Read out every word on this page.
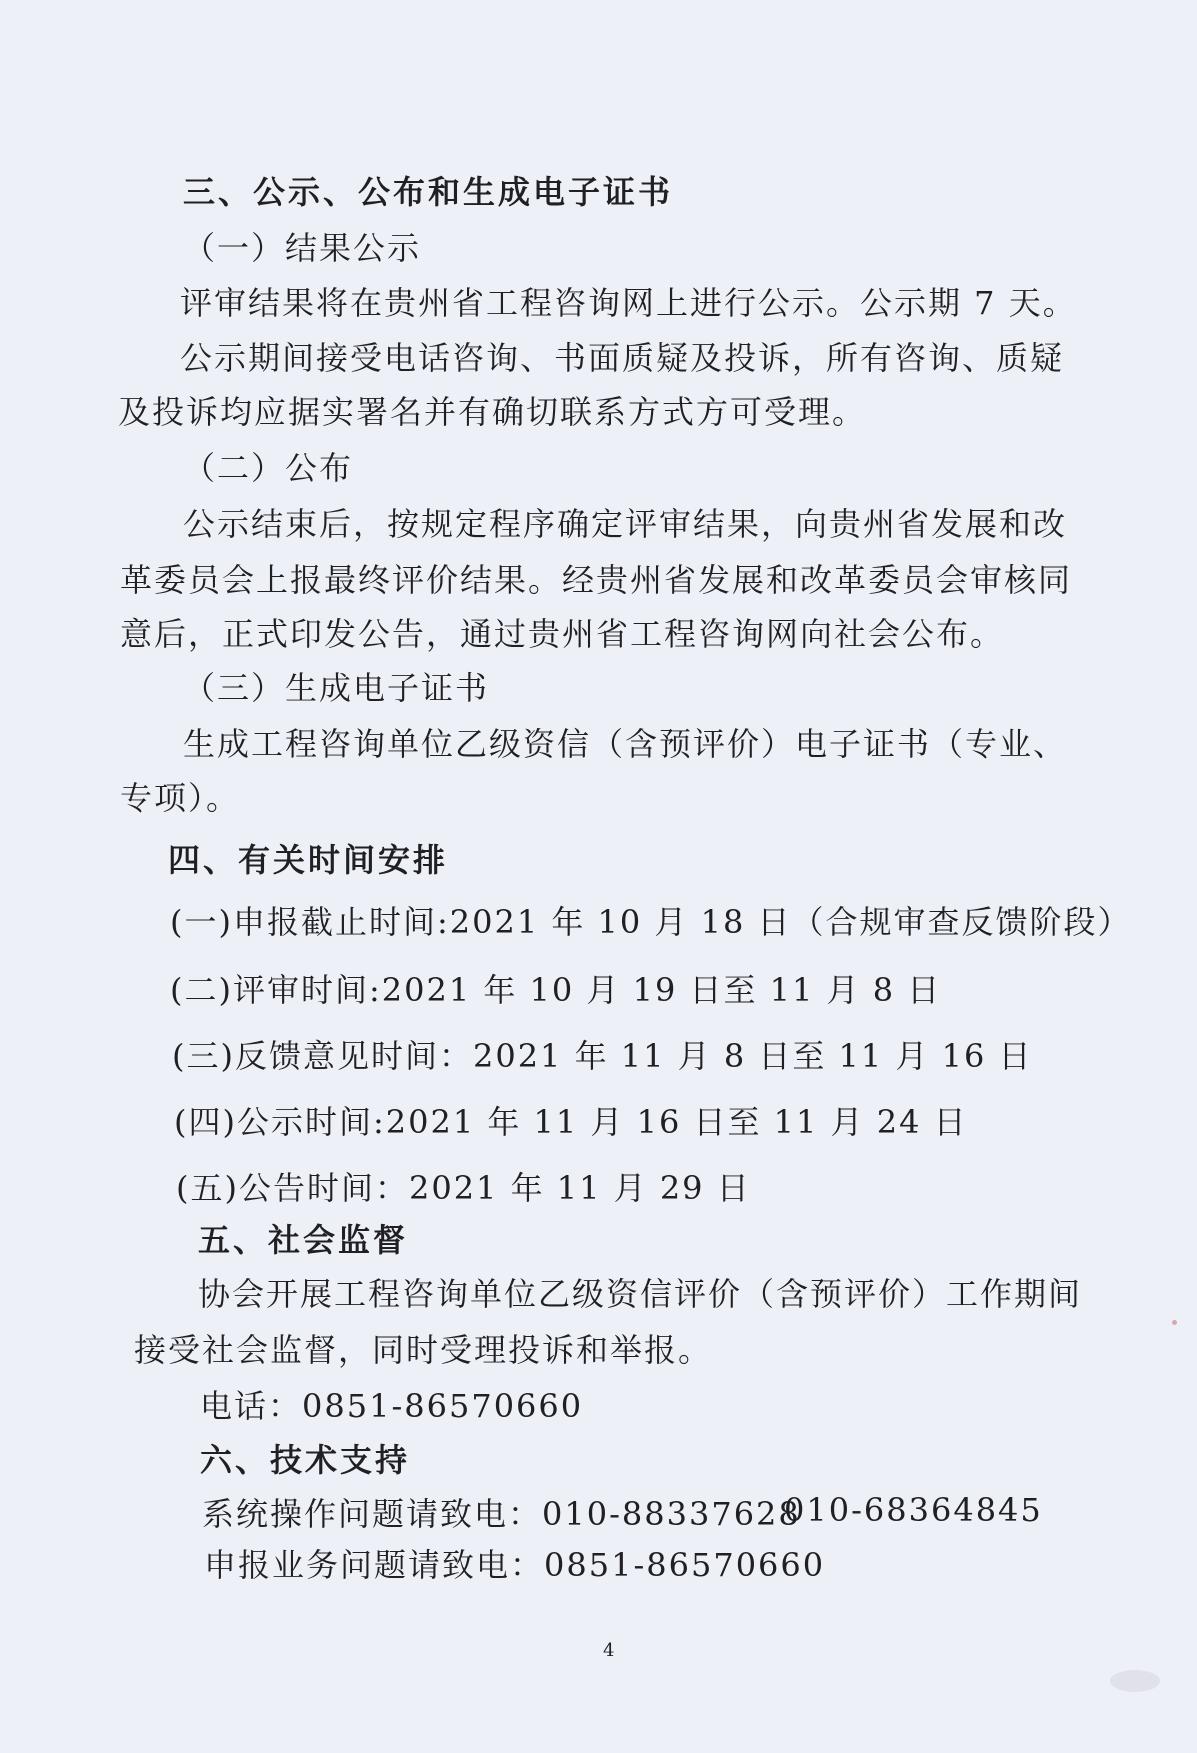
三、公示、公布和生成电子证书
（一）结果公示
评审结果将在贵州省工程咨询网上进行公示。公示期 7 天。
公示期间接受电话咨询、书面质疑及投诉，所有咨询、质疑
及投诉均应据实署名并有确切联系方式方可受理。
（二）公布
公示结束后，按规定程序确定评审结果，向贵州省发展和改
革委员会上报最终评价结果。经贵州省发展和改革委员会审核同
意后，正式印发公告，通过贵州省工程咨询网向社会公布。
（三）生成电子证书
生成工程咨询单位乙级资信（含预评价）电子证书（专业、
专项）。
四、有关时间安排
(一)申报截止时间:2021 年 10 月 18 日（合规审查反馈阶段）
(二)评审时间:2021 年 10 月 19 日至 11 月 8 日
(三)反馈意见时间：2021 年 11 月 8 日至 11 月 16 日
(四)公示时间:2021 年 11 月 16 日至 11 月 24 日
(五)公告时间：2021 年 11 月 29 日
五、社会监督
协会开展工程咨询单位乙级资信评价（含预评价）工作期间
接受社会监督，同时受理投诉和举报。
电话：0851-86570660
六、技术支持
系统操作问题请致电：010-88337628
010-68364845
申报业务问题请致电：0851-86570660
4
